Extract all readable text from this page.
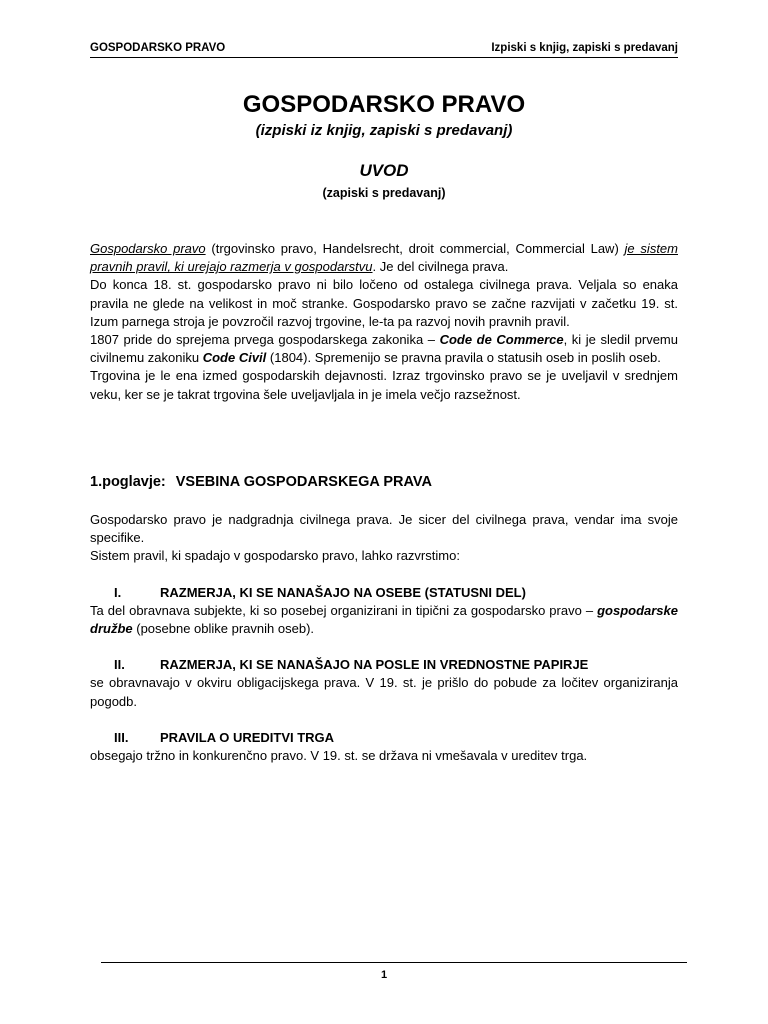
GOSPODARSKO PRAVO	Izpiski s knjig, zapiski s predavanj

GOSPODARSKO PRAVO

(izpiski iz knjig, zapiski s predavanj)

UVOD

(zapiski s predavanj)

Gospodarsko pravo (trgovinsko pravo, Handelsrecht, droit commercial, Commercial Law) je sistem pravnih pravil, ki urejajo razmerja v gospodarstvu. Je del civilnega prava.

Do konca 18. st. gospodarsko pravo ni bilo ločeno od ostalega civilnega prava. Veljala so enaka pravila ne glede na velikost in moč stranke. Gospodarsko pravo se začne razvijati v začetku 19. st. Izum parnega stroja je povzročil razvoj trgovine, le-ta pa razvoj novih pravnih pravil.

1807 pride do sprejema prvega gospodarskega zakonika – Code de Commerce, ki je sledil prvemu civilnemu zakoniku Code Civil (1804). Spremenijo se pravna pravila o statusih oseb in poslih oseb.

Trgovina je le ena izmed gospodarskih dejavnosti. Izraz trgovinsko pravo se je uveljavil v srednjem veku, ker se je takrat trgovina šele uveljavljala in je imela večjo razsežnost.

1.poglavje: VSEBINA GOSPODARSKEGA PRAVA

Gospodarsko pravo je nadgradnja civilnega prava. Je sicer del civilnega prava, vendar ima svoje specifike.

Sistem pravil, ki spadajo v gospodarsko pravo, lahko razvrstimo:

I.	RAZMERJA, KI SE NANAŠAJO NA OSEBE (STATUSNI DEL)

Ta del obravnava subjekte, ki so posebej organizirani in tipični za gospodarsko pravo – gospodarske družbe (posebne oblike pravnih oseb).

II.	RAZMERJA, KI SE NANAŠAJO NA POSLE IN VREDNOSTNE PAPIRJE

se obravnavajo v okviru obligacijskega prava. V 19. st. je prišlo do pobude za ločitev organiziranja pogodb.

III.	PRAVILA O UREDITVI TRGA

obsegajo tržno in konkurenčno pravo. V 19. st. se država ni vmešavala v ureditev trga.

1
